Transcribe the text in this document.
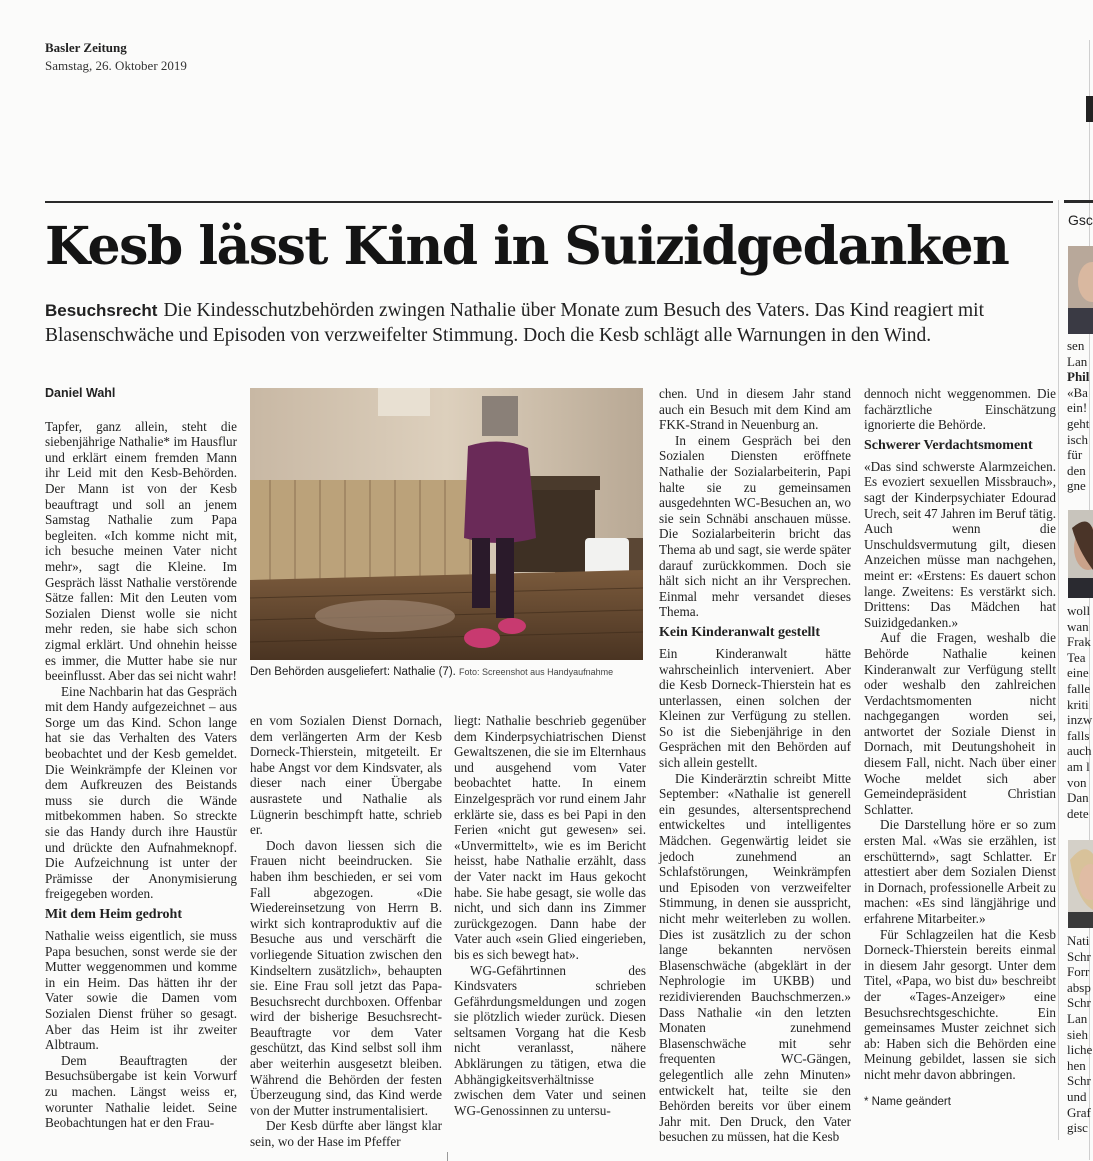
Basler Zeitung
Samstag, 26. Oktober 2019
Kesb lässt Kind in Suizidgedanken

Besuchsrecht Die Kindesschutzbehörden zwingen Nathalie über Monate zum Besuch des Vaters. Das Kind reagiert mit Blasenschwäche und Episoden von verzweifelter Stimmung. Doch die Kesb schlägt alle Warnungen in den Wind.

Daniel Wahl

Tapfer, ganz allein, steht die siebenjährige Nathalie* im Hausflur und erklärt einem fremden Mann ihr Leid mit den Kesb-Behörden. Der Mann ist von der Kesb beauftragt und soll an jenem Samstag Nathalie zum Papa begleiten. «Ich komme nicht mit, ich besuche meinen Vater nicht mehr», sagt die Kleine. Im Gespräch lässt Nathalie verstörende Sätze fallen: Mit den Leuten vom Sozialen Dienst wolle sie nicht mehr reden, sie habe sich schon zigmal erklärt. Und ohnehin heisse es immer, die Mutter habe sie nur beeinflusst. Aber das sei nicht wahr!

Eine Nachbarin hat das Gespräch mit dem Handy aufgezeichnet – aus Sorge um das Kind. Schon lange hat sie das Verhalten des Vaters beobachtet und der Kesb gemeldet. Die Weinkrämpfe der Kleinen vor dem Aufkreuzen des Beistands muss sie durch die Wände mitbekommen haben. So streckte sie das Handy durch ihre Haustür und drückte den Aufnahmeknopf. Die Aufzeichnung ist unter der Prämisse der Anonymisierung freigegeben worden.

Mit dem Heim gedroht

Nathalie weiss eigentlich, sie muss Papa besuchen, sonst werde sie der Mutter weggenommen und komme in ein Heim. Das hätten ihr der Vater sowie die Damen vom Sozialen Dienst früher so gesagt. Aber das Heim ist ihr zweiter Albtraum.

Dem Beauftragten der Besuchsübergabe ist kein Vorwurf zu machen. Längst weiss er, worunter Nathalie leidet. Seine Beobachtungen hat er den Frau-

Den Behörden ausgeliefert: Nathalie (7). Foto: Screenshot aus Handyaufnahme

en vom Sozialen Dienst Dornach, dem verlängerten Arm der Kesb Dorneck-Thierstein, mitgeteilt. Er habe Angst vor dem Kindsvater, als dieser nach einer Übergabe ausrastete und Nathalie als Lügnerin beschimpft hatte, schrieb er.

Doch davon liessen sich die Frauen nicht beeindrucken. Sie haben ihm beschieden, er sei vom Fall abgezogen. «Die Wiedereinsetzung von Herrn B. wirkt sich kontraproduktiv auf die Besuche aus und verschärft die vorliegende Situation zwischen den Kindseltern zusätzlich», behaupten sie. Eine Frau soll jetzt das Papa-Besuchsrecht durchboxen. Offenbar wird der bisherige Besuchsrecht-Beauftragte vor dem Vater geschützt, das Kind selbst soll ihm aber weiterhin ausgesetzt bleiben. Während die Behörden der festen Überzeugung sind, das Kind werde von der Mutter instrumentalisiert.

Der Kesb dürfte aber längst klar sein, wo der Hase im Pfeffer

liegt: Nathalie beschrieb gegenüber dem Kinderpsychiatrischen Dienst Gewaltszenen, die sie im Elternhaus und ausgehend vom Vater beobachtet hatte. In einem Einzelgespräch vor rund einem Jahr erklärte sie, dass es bei Papi in den Ferien «nicht gut gewesen» sei. «Unvermittelt», wie es im Bericht heisst, habe Nathalie erzählt, dass der Vater nackt im Haus gekocht habe. Sie habe gesagt, sie wolle das nicht, und sich dann ins Zimmer zurückgezogen. Dann habe der Vater auch «sein Glied eingerieben, bis es sich bewegt hat».

WG-Gefährtinnen des Kindsvaters schrieben Gefährdungsmeldungen und zogen sie plötzlich wieder zurück. Diesen seltsamen Vorgang hat die Kesb nicht veranlasst, nähere Abklärungen zu tätigen, etwa die Abhängigkeitsverhältnisse zwischen dem Vater und seinen WG-Genossinnen zu untersu-

chen. Und in diesem Jahr stand auch ein Besuch mit dem Kind am FKK-Strand in Neuenburg an.

In einem Gespräch bei den Sozialen Diensten eröffnete Nathalie der Sozialarbeiterin, Papi halte sie zu gemeinsamen ausgedehnten WC-Besuchen an, wo sie sein Schnäbi anschauen müsse. Die Sozialarbeiterin bricht das Thema ab und sagt, sie werde später darauf zurückkommen. Doch sie hält sich nicht an ihr Versprechen. Einmal mehr versandet dieses Thema.

Kein Kinderanwalt gestellt

Ein Kinderanwalt hätte wahrscheinlich interveniert. Aber die Kesb Dorneck-Thierstein hat es unterlassen, einen solchen der Kleinen zur Verfügung zu stellen. So ist die Siebenjährige in den Gesprächen mit den Behörden auf sich allein gestellt.

Die Kinderärztin schreibt Mitte September: «Nathalie ist generell ein gesundes, altersentsprechend entwickeltes und intelligentes Mädchen. Gegenwärtig leidet sie jedoch zunehmend an Schlafstörungen, Weinkrämpfen und Episoden von verzweifelter Stimmung, in denen sie ausspricht, nicht mehr weiterleben zu wollen. Dies ist zusätzlich zu der schon lange bekannten nervösen Blasenschwäche (abgeklärt in der Nephrologie im UKBB) und rezidivierenden Bauchschmerzen.» Dass Nathalie «in den letzten Monaten zunehmend Blasenschwäche mit sehr frequenten WC-Gängen, gelegentlich alle zehn Minuten» entwickelt hat, teilte sie den Behörden bereits vor über einem Jahr mit. Den Druck, den Vater besuchen zu müssen, hat die Kesb

dennoch nicht weggenommen. Die fachärztliche Einschätzung ignorierte die Behörde.

Schwerer Verdachtsmoment

«Das sind schwerste Alarmzeichen. Es evoziert sexuellen Missbrauch», sagt der Kinderpsychiater Edourad Urech, seit 47 Jahren im Beruf tätig. Auch wenn die Unschuldsvermutung gilt, diesen Anzeichen müsse man nachgehen, meint er: «Erstens: Es dauert schon lange. Zweitens: Es verstärkt sich. Drittens: Das Mädchen hat Suizidgedanken.»

Auf die Fragen, weshalb die Behörde Nathalie keinen Kinderanwalt zur Verfügung stellt oder weshalb den zahlreichen Verdachtsmomenten nicht nachgegangen worden sei, antwortet der Soziale Dienst in Dornach, mit Deutungshoheit in diesem Fall, nicht. Nach über einer Woche meldet sich aber Gemeindepräsident Christian Schlatter.

Die Darstellung höre er so zum ersten Mal. «Was sie erzählen, ist erschütternd», sagt Schlatter. Er attestiert aber dem Sozialen Dienst in Dornach, professionelle Arbeit zu machen: «Es sind längjährige und erfahrene Mitarbeiter.»

Für Schlagzeilen hat die Kesb Dorneck-Thierstein bereits einmal in diesem Jahr gesorgt. Unter dem Titel, «Papa, wo bist du» beschreibt der «Tages-Anzeiger» eine Besuchsrechtsgeschichte. Ein gemeinsames Muster zeichnet sich ab: Haben sich die Behörden eine Meinung gebildet, lassen sie sich nicht mehr davon abbringen.

* Name geändert
Gsc
sen
Lan
Phil
«Ba
ein!
geht
isch
für
den
gne
woll
wan
Frak
Tea
eine
falle
kriti
inzw
falls
auch
am l
von
Dan
dete
Nati
Schr
Forr
absp
Schr
Lan
sieh
liche
hen
Schr
und
Graf
gisc
